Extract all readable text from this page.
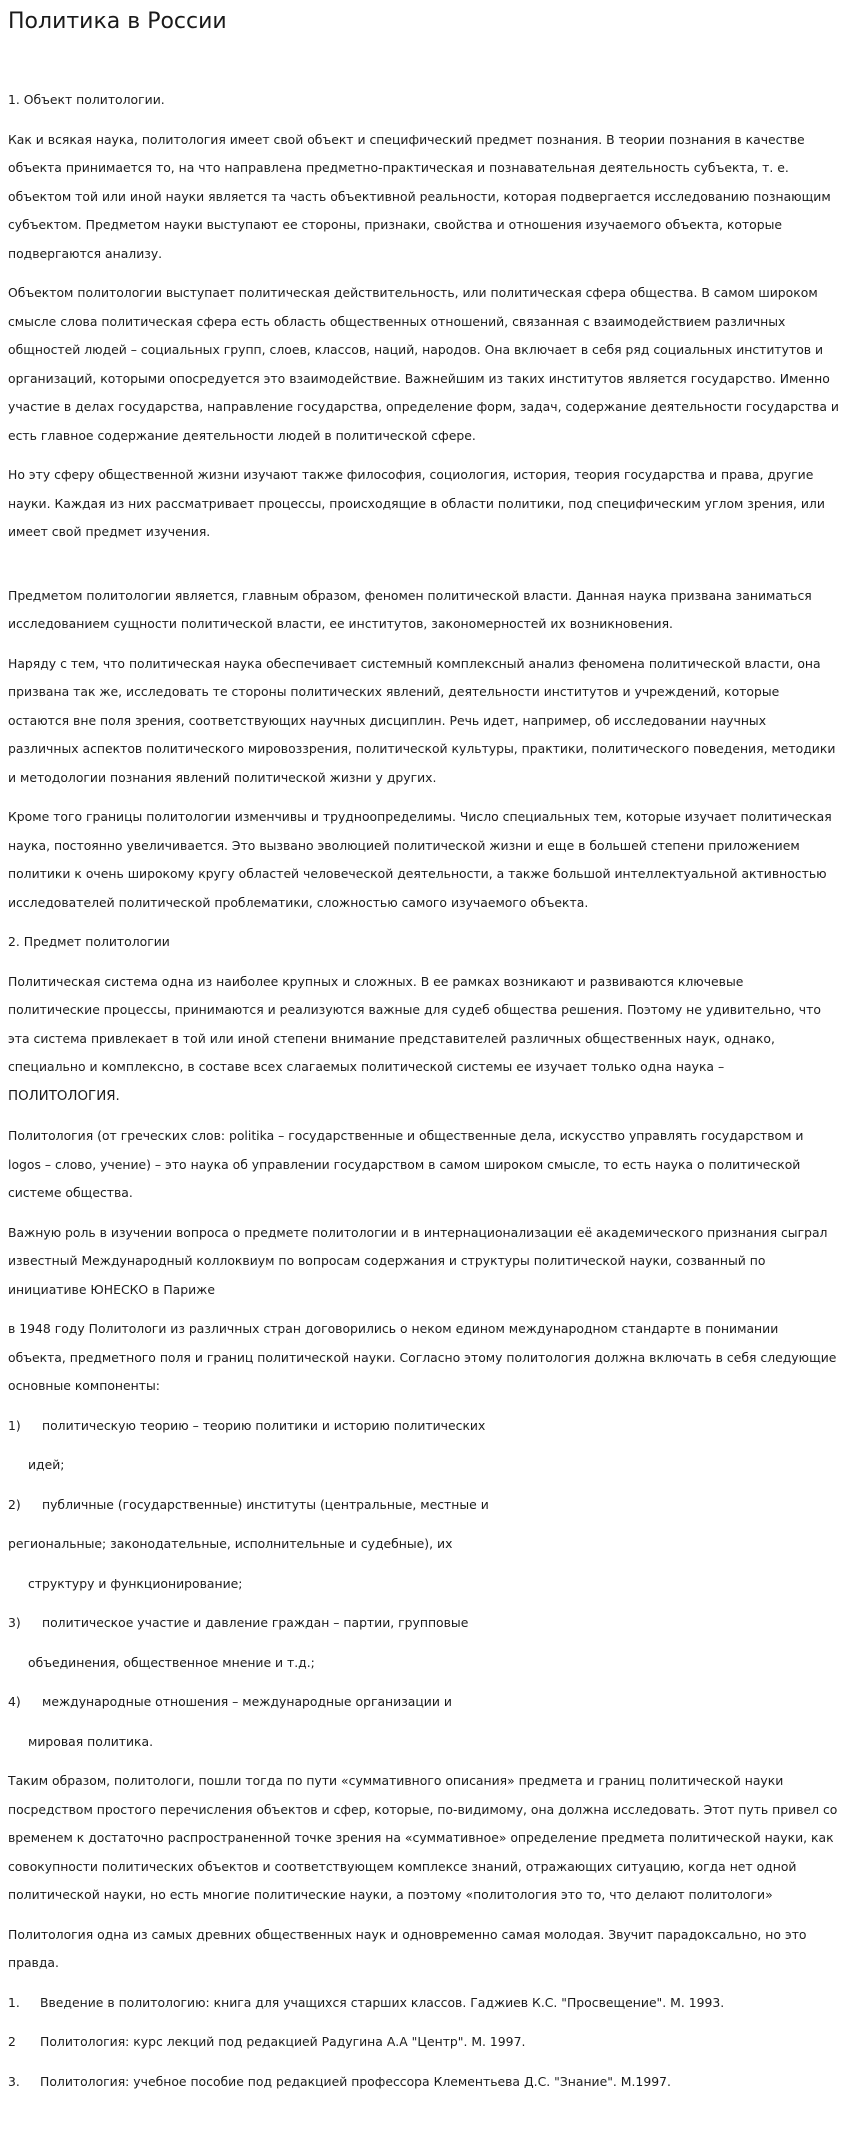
Политика в России

1. Объект политологии.

Как и всякая наука, политология имеет свой объект и специфический предмет познания. В теории познания в качестве объекта принимается то, на что направлена предметно-практическая и познавательная деятельность субъекта, т. е. объектом той или иной науки является та часть объективной реальности, которая подвергается исследованию познающим субъектом. Предметом науки выступают ее стороны, признаки, свойства и отношения изучаемого объекта, которые подвергаются анализу.

Объектом политологии выступает политическая действительность, или политическая сфера общества. В самом широком смысле слова политическая сфера есть область общественных отношений, связанная с взаимодействием различных общностей людей – социальных групп, слоев, классов, наций, народов. Она включает в себя ряд социальных институтов и организаций, которыми опосредуется это взаимодействие. Важнейшим из таких институтов является государство. Именно участие в делах государства, направление государства, определение форм, задач, содержание деятельности государства и есть главное содержание деятельности людей в политической сфере.

Но эту сферу общественной жизни изучают также философия, социология, история, теория государства и права, другие науки. Каждая из них рассматривает процессы, происходящие в области политики, под специфическим углом зрения, или имеет свой предмет изучения.

Предметом политологии является, главным образом, феномен политической власти. Данная наука призвана заниматься исследованием сущности политической власти, ее институтов, закономерностей их возникновения.

Наряду с тем, что политическая наука обеспечивает системный комплексный анализ феномена политической власти, она призвана так же, исследовать те стороны политических явлений, деятельности институтов и учреждений, которые остаются вне поля зрения, соответствующих научных дисциплин. Речь идет, например, об исследовании научных различных аспектов политического мировоззрения, политической культуры, практики, политического поведения, методики и методологии познания явлений политической жизни у других.

Кроме того границы политологии изменчивы и трудноопределимы. Число специальных тем, которые изучает политическая наука, постоянно увеличивается. Это вызвано эволюцией политической жизни и еще в большей степени приложением политики к очень широкому кругу областей человеческой деятельности, а также большой интеллектуальной активностью исследователей политической проблематики, сложностью самого изучаемого объекта.

2. Предмет политологии

Политическая система одна из наиболее крупных и сложных. В ее рамках возникают и развиваются ключевые политические процессы, принимаются и реализуются важные для судеб общества решения. Поэтому не удивительно, что эта система привлекает в той или иной степени внимание представителей различных общественных наук, однако, специально и комплексно, в составе всех слагаемых политической системы ее изучает только одна наука – ПОЛИТОЛОГИЯ.

Политология (от греческих слов: politika – государственные и общественные дела, искусство управлять государством и logos – слово, учение) – это наука об управлении государством в самом широком смысле, то есть наука о политической системе общества.

Важную роль в изучении вопроса о предмете политологии и в интернационализации её академического признания сыграл известный Международный коллоквиум по вопросам содержания и структуры политической науки, созванный по инициативе ЮНЕСКО в Париже

в 1948 году Политологи из различных стран договорились о неком едином международном стандарте в понимании объекта, предметного поля и границ политической науки. Согласно этому политология должна включать в себя следующие основные компоненты:

1) политическую теорию – теорию политики и историю политических

идей;

2) публичные (государственные) институты (центральные, местные и

региональные; законодательные, исполнительные и судебные), их

структуру и функционирование;

3) политическое участие и давление граждан – партии, групповые

объединения, общественное мнение и т.д.;

4) международные отношения – международные организации и

мировая политика.

Таким образом, политологи, пошли тогда по пути «суммативного описания» предмета и границ политической науки посредством простого перечисления объектов и сфер, которые, по-видимому, она должна исследовать. Этот путь привел со временем к достаточно распространенной точке зрения на «суммативное» определение предмета политической науки, как совокупности политических объектов и соответствующем комплексе знаний, отражающих ситуацию, когда нет одной политической науки, но есть многие политические науки, а поэтому «политология это то, что делают политологи»

Политология одна из самых древних общественных наук и одновременно самая молодая. Звучит парадоксально, но это правда.

1. Введение в политологию: книга для учащихся старших классов. Гаджиев К.С. "Просвещение". М. 1993.

2 Политология: курс лекций под редакцией Радугина А.А "Центр". М. 1997.

3. Политология: учебное пособие под редакцией профессора Клементьева Д.С. "Знание". М.1997.
